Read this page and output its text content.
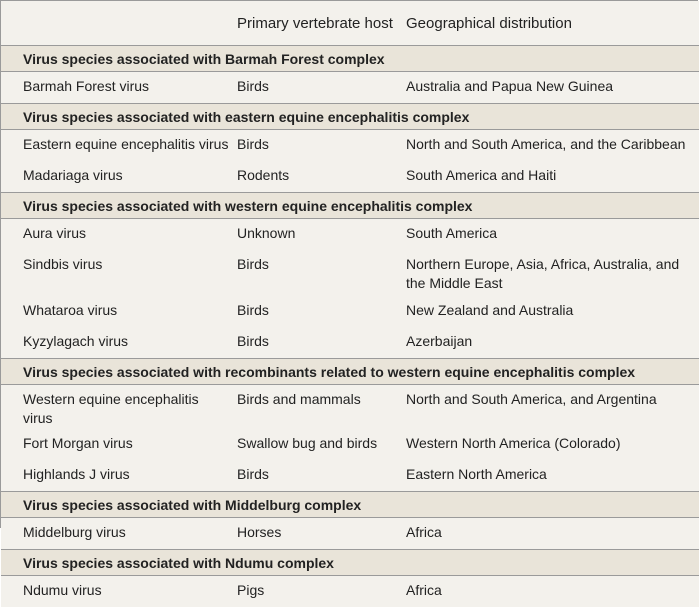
	Primary vertebrate host	Geographical distribution
Virus species associated with Barmah Forest complex		
Barmah Forest virus	Birds	Australia and Papua New Guinea
Virus species associated with eastern equine encephalitis complex		
Eastern equine encephalitis virus	Birds	North and South America, and the Caribbean
Madariaga virus	Rodents	South America and Haiti
Virus species associated with western equine encephalitis complex		
Aura virus	Unknown	South America
Sindbis virus	Birds	Northern Europe, Asia, Africa, Australia, and the Middle East
Whataroa virus	Birds	New Zealand and Australia
Kyzylagach virus	Birds	Azerbaijan
Virus species associated with recombinants related to western equine encephalitis complex		
Western equine encephalitis virus	Birds and mammals	North and South America, and Argentina
Fort Morgan virus	Swallow bug and birds	Western North America (Colorado)
Highlands J virus	Birds	Eastern North America
Virus species associated with Middelburg complex		
Middelburg virus	Horses	Africa
Virus species associated with Ndumu complex		
Ndumu virus	Pigs	Africa
